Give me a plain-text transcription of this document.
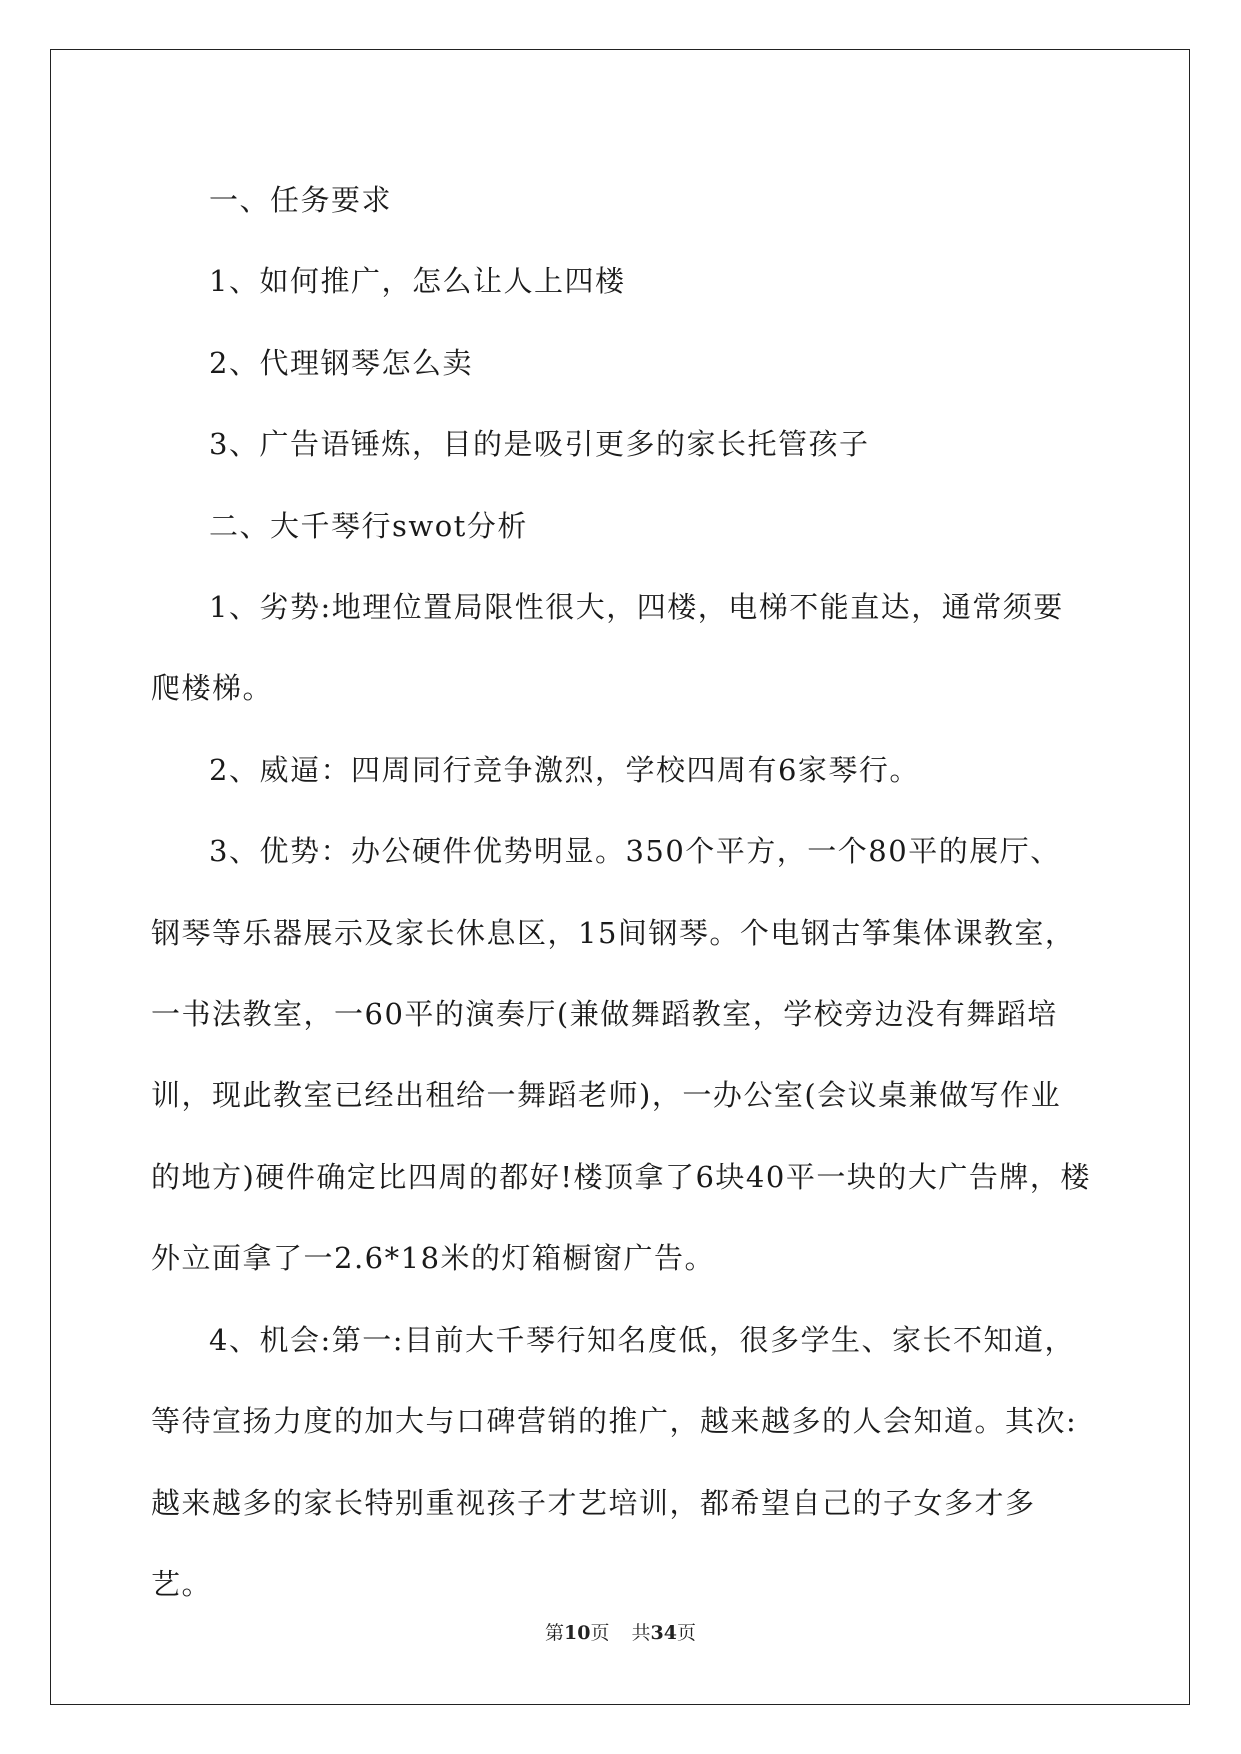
一、任务要求

1、如何推广，怎么让人上四楼

2、代理钢琴怎么卖

3、广告语锤炼，目的是吸引更多的家长托管孩子

二、大千琴行swot分析

1、劣势:地理位置局限性很大，四楼，电梯不能直达，通常须要爬楼梯。

2、威逼：四周同行竞争激烈，学校四周有6家琴行。

3、优势：办公硬件优势明显。350个平方，一个80平的展厅、钢琴等乐器展示及家长休息区，15间钢琴。个电钢古筝集体课教室，一书法教室，一60平的演奏厅(兼做舞蹈教室，学校旁边没有舞蹈培训，现此教室已经出租给一舞蹈老师)，一办公室(会议桌兼做写作业的地方)硬件确定比四周的都好!楼顶拿了6块40平一块的大广告牌，楼外立面拿了一2.6*18米的灯箱橱窗广告。

4、机会:第一:目前大千琴行知名度低，很多学生、家长不知道，等待宣扬力度的加大与口碑营销的推广，越来越多的人会知道。其次:越来越多的家长特别重视孩子才艺培训，都希望自己的子女多才多艺。

第10页 共34页
